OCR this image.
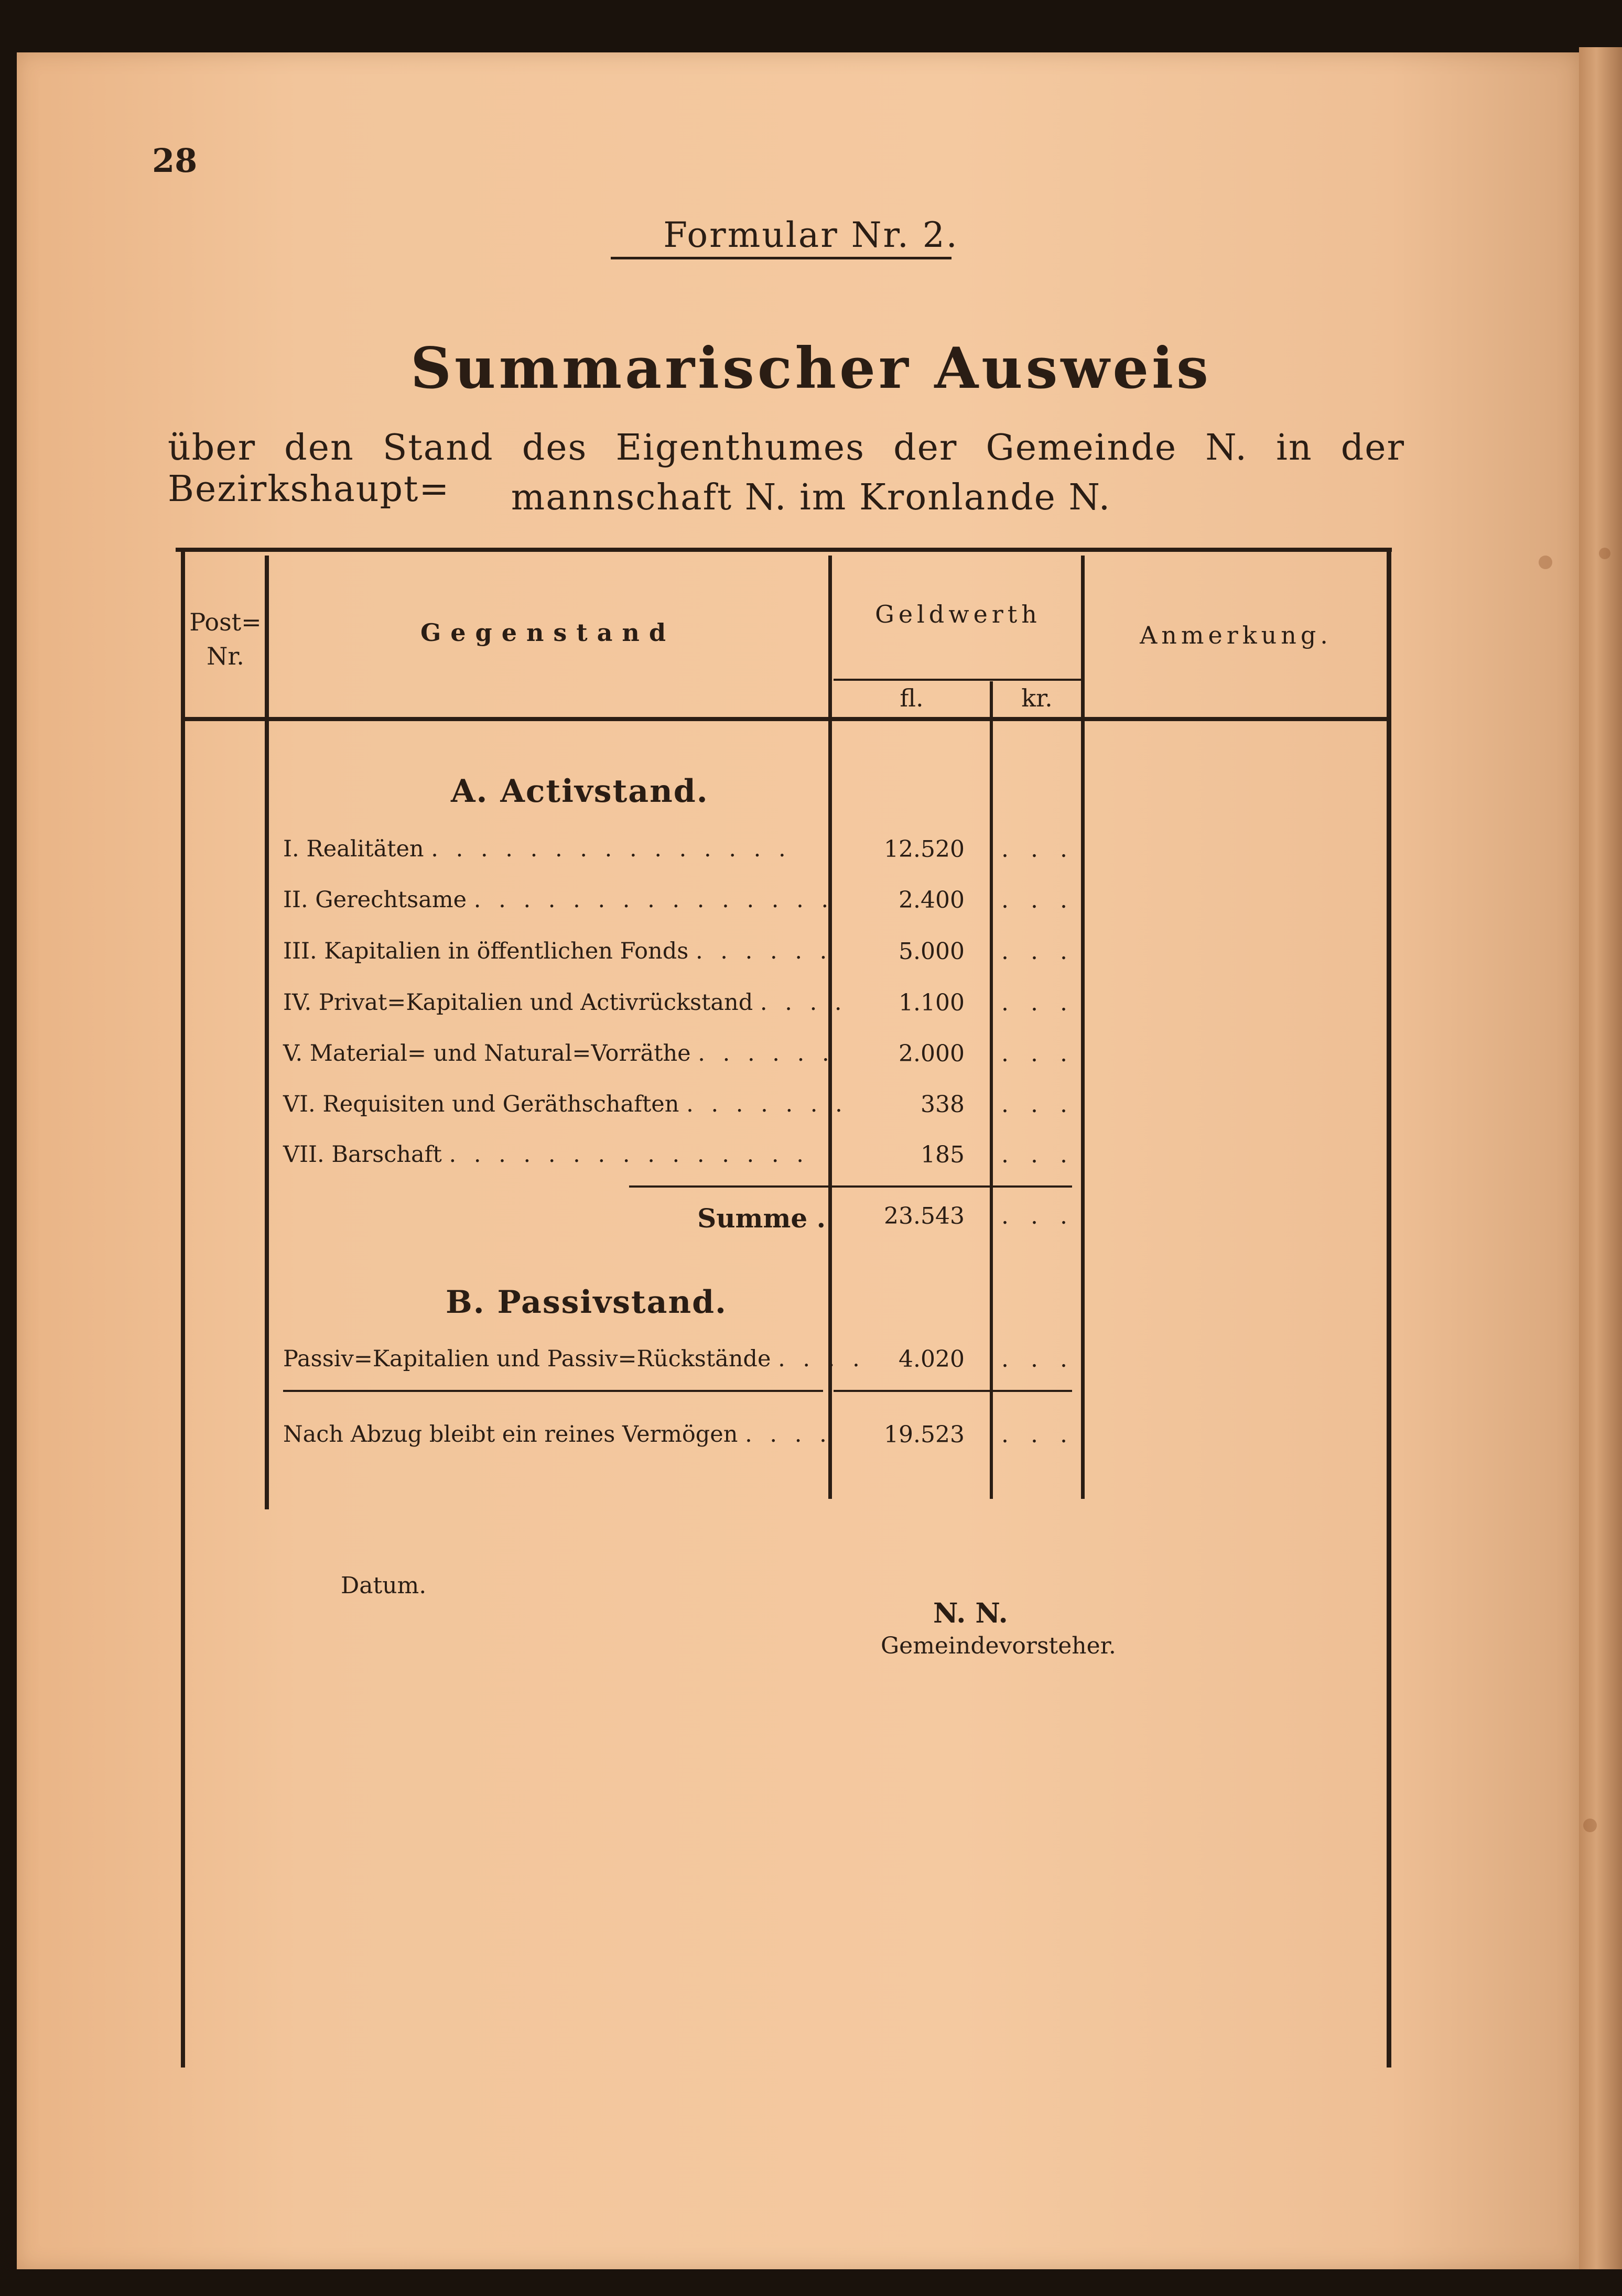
28
Formular Nr. 2.
Summarischer Ausweis
über den Stand des Eigenthumes der Gemeinde N. in der Bezirkshaupt=	mannschaft N. im Kronlande N.
Post=
Nr.
Gegenstand
Geldwerth
fl.	kr.
Anmerkung.
A. Activstand.
I. Realitäten . . . . . . . . . . . . . . .	12.520 . . .
II. Gerechtsame . . . . . . . . . . . . . . .	2.400 . . .
III. Kapitalien in öffentlichen Fonds . . . . . .	5.000 . . .
IV. Privat=Kapitalien und Activrückstand . . . .	1.100 . . .
V. Material= und Natural=Vorräthe . . . . . .	2.000 . . .
VI. Requisiten und Geräthschaften . . . . . . .	338 . . .
VII. Barschaft . . . . . . . . . . . . . . .	185 . . .
Summe .	23.543 . . .
B. Passivstand.
Passiv=Kapitalien und Passiv=Rückstände . . . .	4.020 . . .
Nach Abzug bleibt ein reines Vermögen . . . .	19.523 . . .
Datum.
N. N.
Gemeindevorsteher.
